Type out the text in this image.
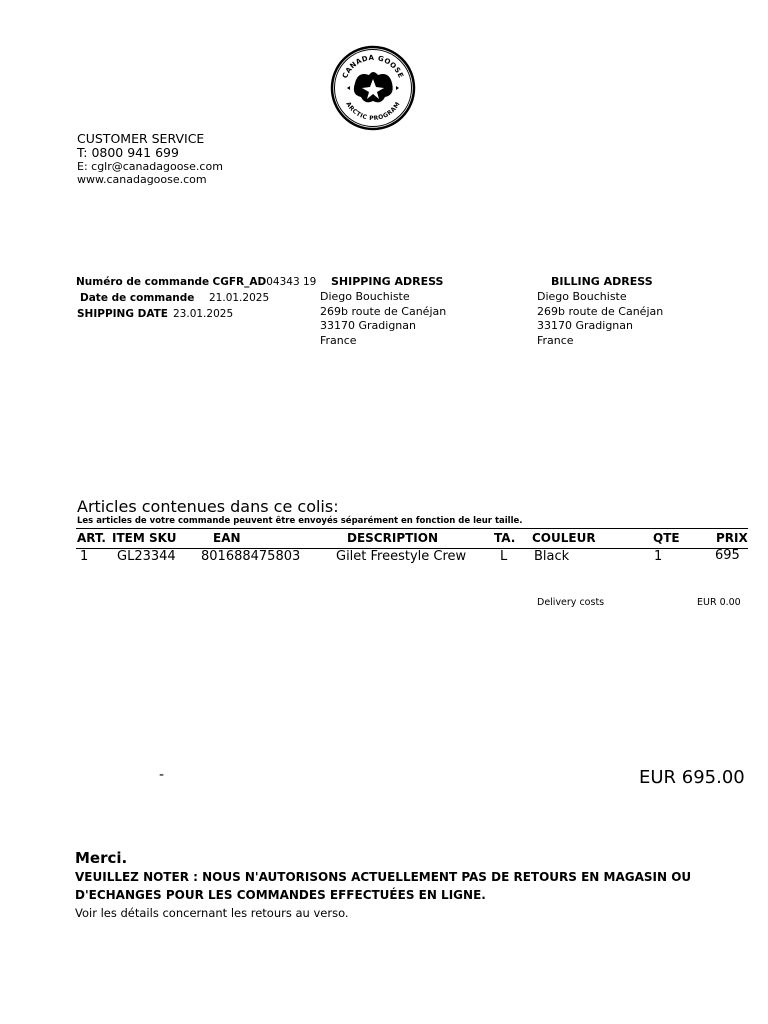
CANADA GOOSE
ARCTIC PROGRAM
CUSTOMER SERVICE
T: 0800 941 699
E: cglr@canadagoose.com
www.canadagoose.com
Numéro de commande CGFR_AD04343 19
Date de commande 21.01.2025
SHIPPING DATE 23.01.2025
SHIPPING ADRESS
Diego Bouchiste
269b route de Canéjan
33170 Gradignan
France
BILLING ADRESS
Diego Bouchiste
269b route de Canéjan
33170 Gradignan
France
Articles contenues dans ce colis:
Les articles de votre commande peuvent être envoyés séparément en fonction de leur taille.
ART. ITEM SKU	EAN	DESCRIPTION	TA. COULEUR	QTE	PRIX
1 GL23344 801688475803	Gilet Freestyle Crew	L Black	1	695
Delivery costs	EUR 0.00
-	EUR 695.00
Merci.
VEUILLEZ NOTER : NOUS N'AUTORISONS ACTUELLEMENT PAS DE RETOURS EN MAGASIN OU D'ECHANGES POUR LES COMMANDES EFFECTUÉES EN LIGNE.
Voir les détails concernant les retours au verso.
